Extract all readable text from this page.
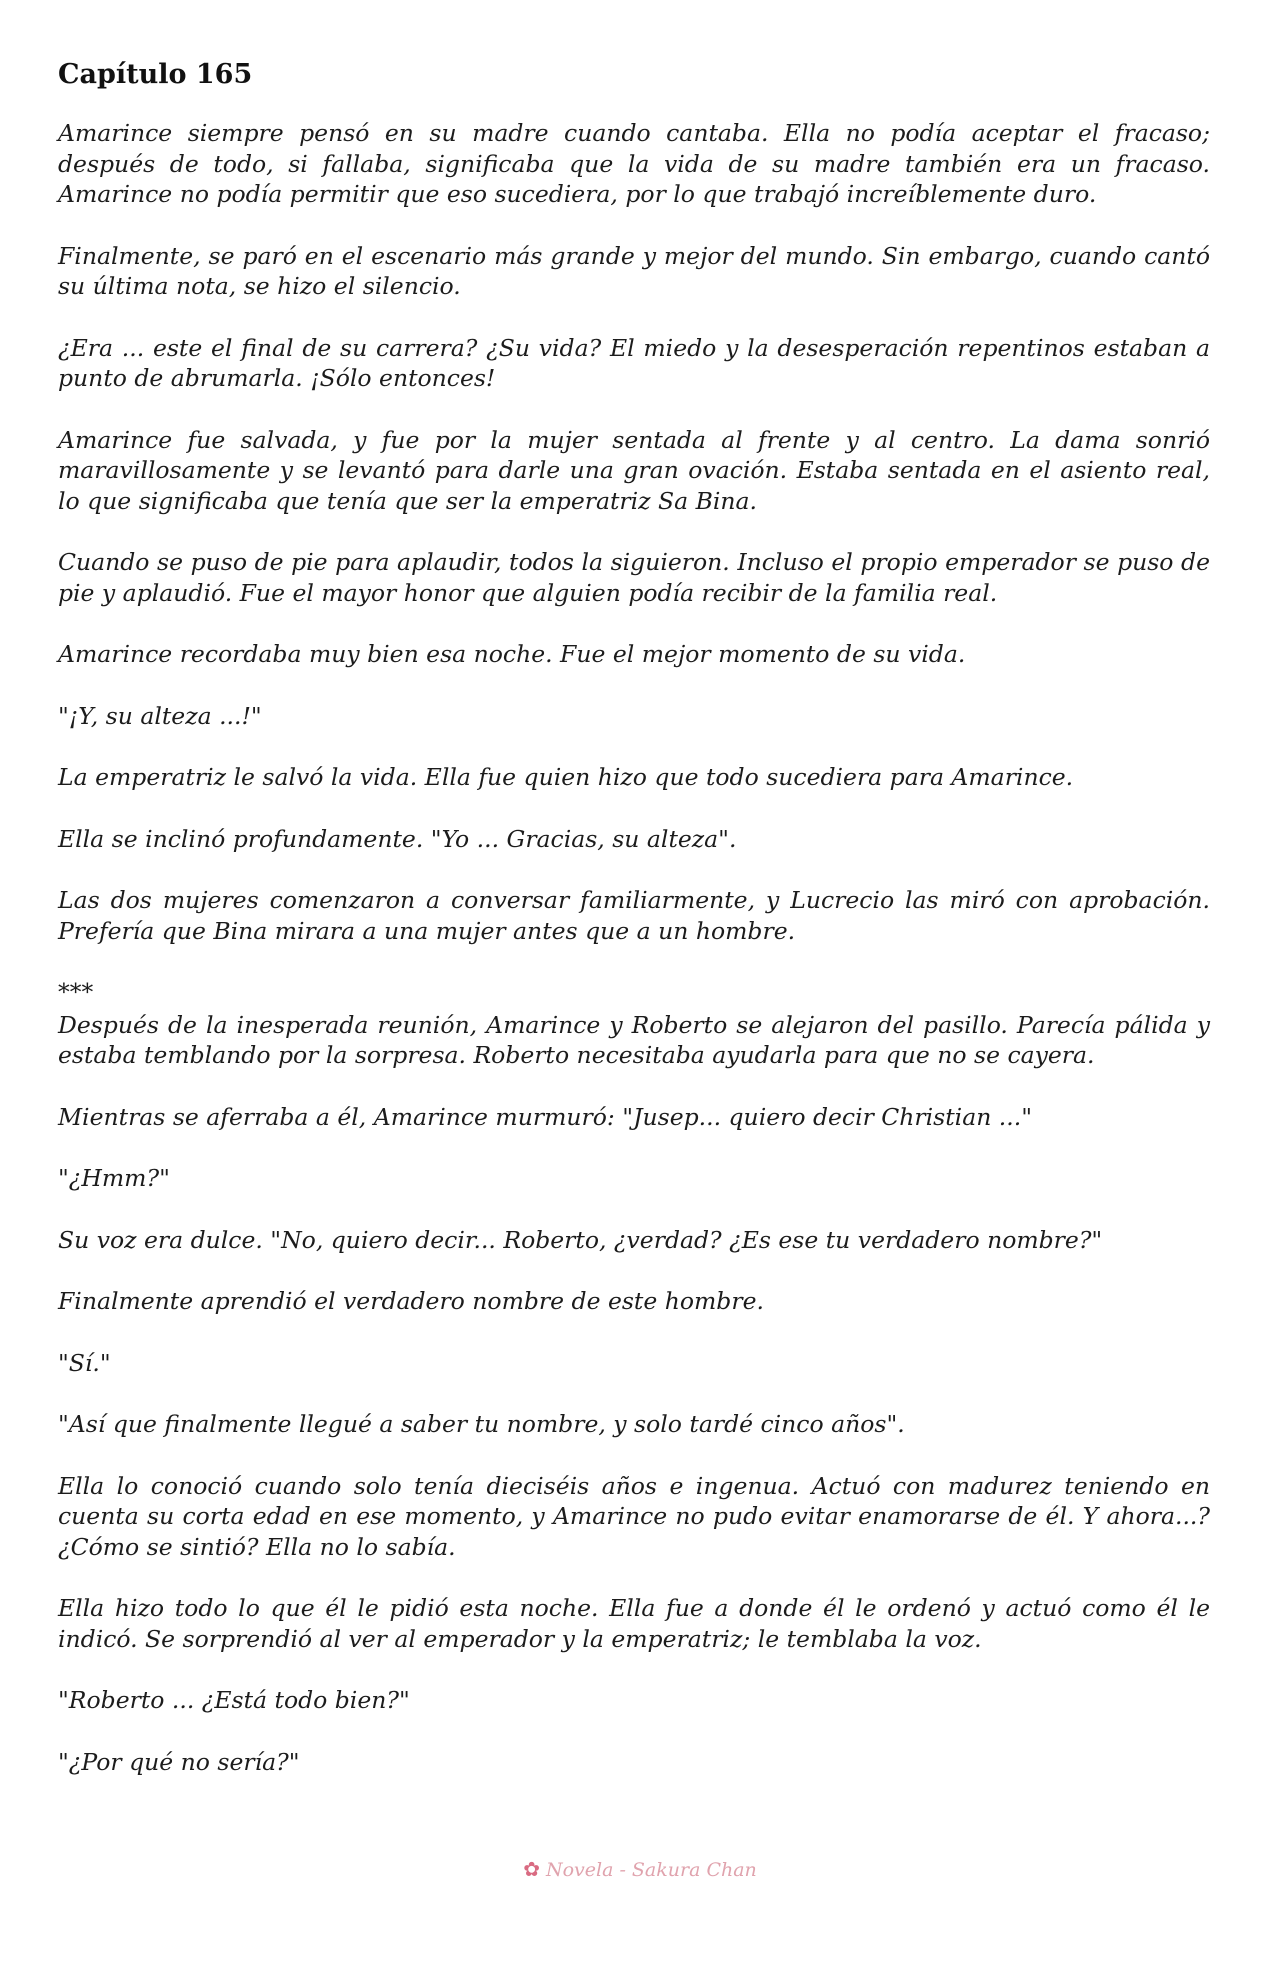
Capítulo 165

Amarince siempre pensó en su madre cuando cantaba. Ella no podía aceptar el fracaso; después de todo, si fallaba, significaba que la vida de su madre también era un fracaso. Amarince no podía permitir que eso sucediera, por lo que trabajó increíblemente duro.

Finalmente, se paró en el escenario más grande y mejor del mundo. Sin embargo, cuando cantó su última nota, se hizo el silencio.

¿Era ... este el final de su carrera? ¿Su vida? El miedo y la desesperación repentinos estaban a punto de abrumarla. ¡Sólo entonces!

Amarince fue salvada, y fue por la mujer sentada al frente y al centro. La dama sonrió maravillosamente y se levantó para darle una gran ovación. Estaba sentada en el asiento real, lo que significaba que tenía que ser la emperatriz Sa Bina.

Cuando se puso de pie para aplaudir, todos la siguieron. Incluso el propio emperador se puso de pie y aplaudió. Fue el mayor honor que alguien podía recibir de la familia real.

Amarince recordaba muy bien esa noche. Fue el mejor momento de su vida.

"¡Y, su alteza ...!"

La emperatriz le salvó la vida. Ella fue quien hizo que todo sucediera para Amarince.

Ella se inclinó profundamente. "Yo ... Gracias, su alteza".

Las dos mujeres comenzaron a conversar familiarmente, y Lucrecio las miró con aprobación. Prefería que Bina mirara a una mujer antes que a un hombre.

***

Después de la inesperada reunión, Amarince y Roberto se alejaron del pasillo. Parecía pálida y estaba temblando por la sorpresa. Roberto necesitaba ayudarla para que no se cayera.

Mientras se aferraba a él, Amarince murmuró: "Jusep... quiero decir Christian ..."

"¿Hmm?"

Su voz era dulce. "No, quiero decir... Roberto, ¿verdad? ¿Es ese tu verdadero nombre?"

Finalmente aprendió el verdadero nombre de este hombre.

"Sí."

"Así que finalmente llegué a saber tu nombre, y solo tardé cinco años".

Ella lo conoció cuando solo tenía dieciséis años e ingenua. Actuó con madurez teniendo en cuenta su corta edad en ese momento, y Amarince no pudo evitar enamorarse de él. Y ahora...? ¿Cómo se sintió? Ella no lo sabía.

Ella hizo todo lo que él le pidió esta noche. Ella fue a donde él le ordenó y actuó como él le indicó. Se sorprendió al ver al emperador y la emperatriz; le temblaba la voz.

"Roberto ... ¿Está todo bien?"

"¿Por qué no sería?"

✿ Novela - Sakura Chan
